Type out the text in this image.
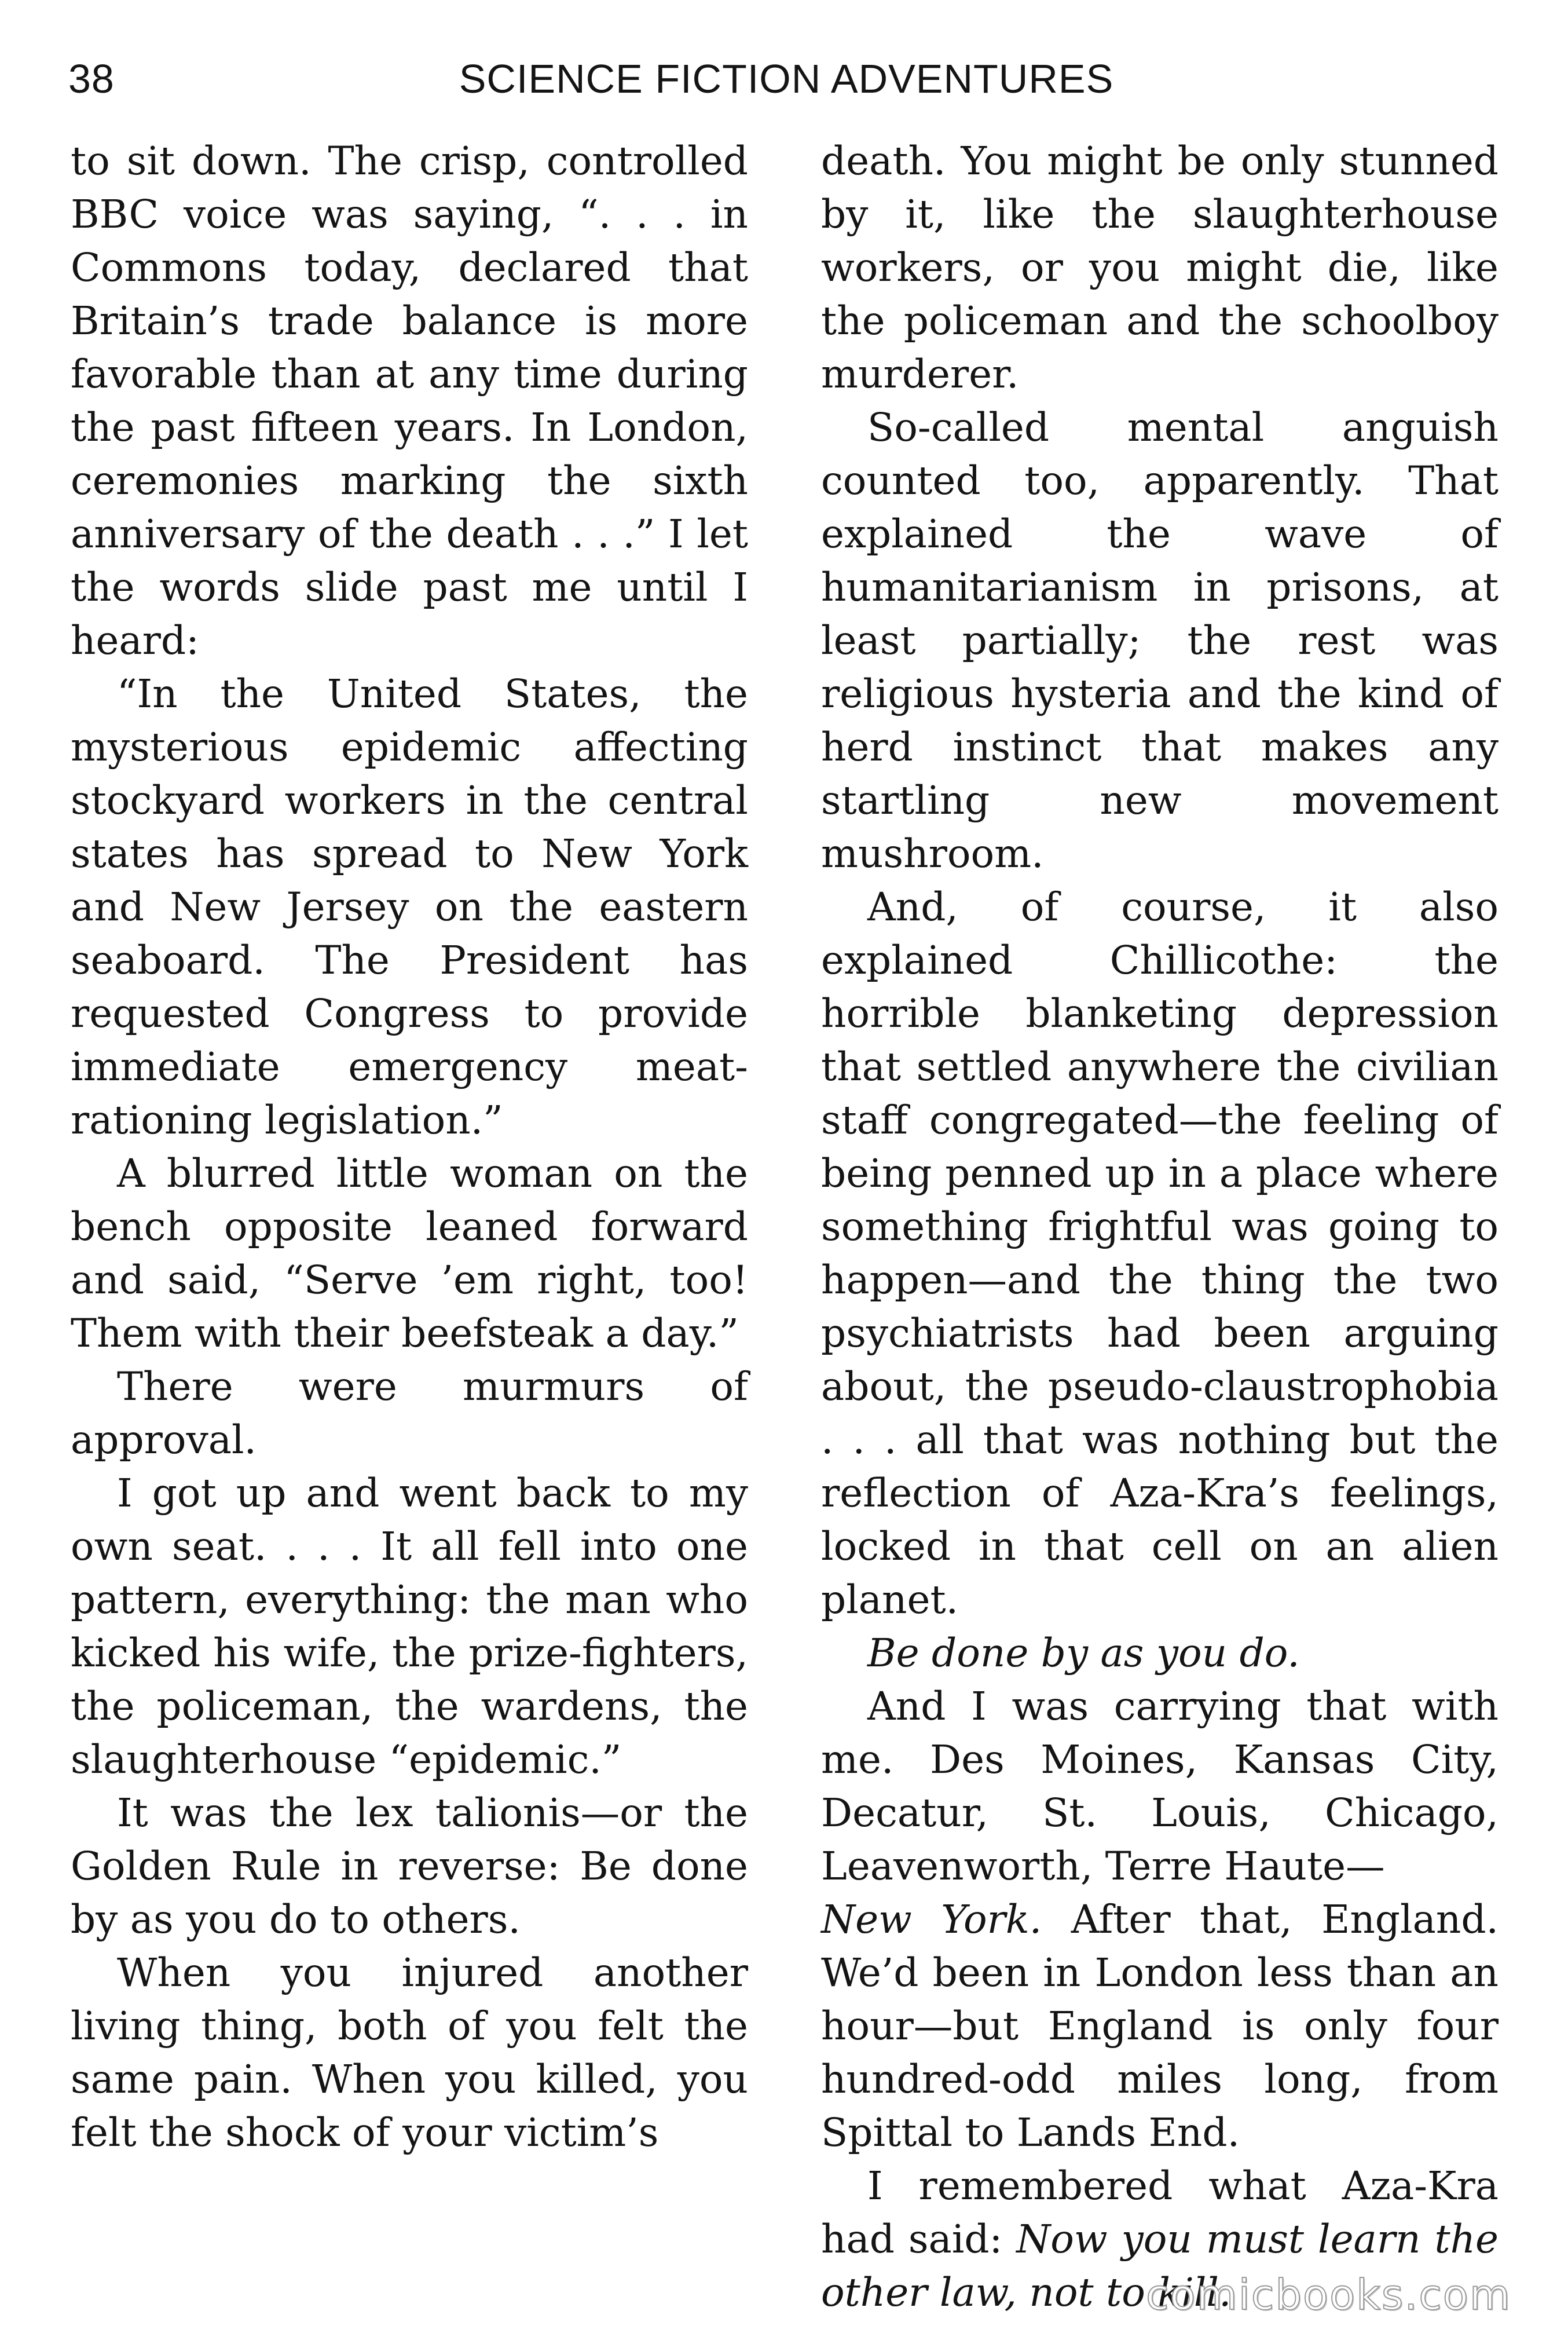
38	SCIENCE FICTION ADVENTURES

to sit down. The crisp, controlled BBC voice was saying, “. . . in Commons today, declared that Britain’s trade balance is more favorable than at any time during the past fifteen years. In London, ceremonies marking the sixth anniversary of the death . . .” I let the words slide past me until I heard:

“In the United States, the mysterious epidemic affecting stockyard workers in the central states has spread to New York and New Jersey on the eastern seaboard. The President has requested Congress to provide immediate emergency meat-rationing legislation.”

A blurred little woman on the bench opposite leaned forward and said, “Serve ’em right, too! Them with their beefsteak a day.”

There were murmurs of approval.

I got up and went back to my own seat. . . . It all fell into one pattern, everything: the man who kicked his wife, the prize-fighters, the policeman, the wardens, the slaughterhouse “epidemic.”

It was the lex talionis—or the Golden Rule in reverse: Be done by as you do to others.

When you injured another living thing, both of you felt the same pain. When you killed, you felt the shock of your victim’s

death. You might be only stunned by it, like the slaughterhouse workers, or you might die, like the policeman and the schoolboy murderer.

So-called mental anguish counted too, apparently. That explained the wave of humanitarianism in prisons, at least partially; the rest was religious hysteria and the kind of herd instinct that makes any startling new movement mushroom.

And, of course, it also explained Chillicothe: the horrible blanketing depression that settled anywhere the civilian staff congregated—the feeling of being penned up in a place where something frightful was going to happen—and the thing the two psychiatrists had been arguing about, the pseudo-claustrophobia . . . all that was nothing but the reflection of Aza-Kra’s feelings, locked in that cell on an alien planet.

Be done by as you do.

And I was carrying that with me. Des Moines, Kansas City, Decatur, St. Louis, Chicago, Leavenworth, Terre Haute—

New York. After that, England. We’d been in London less than an hour—but England is only four hundred-odd miles long, from Spittal to Lands End.

I remembered what Aza-Kra had said: Now you must learn the other law, not to kill.

comicbooks.com
